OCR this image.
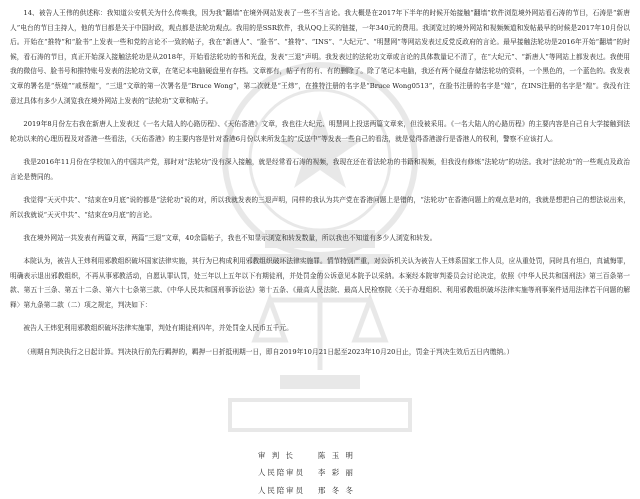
14、被告人王伟的供述称：我知道公安机关为什么传唤我，因为我“翻墙”在境外网站发表了一些不当言论。我大概是在2017年下半年的时候开始接触“翻墙”软件浏览境外网站看石涛的节目，石涛是“新唐人”电台的节目主持人，他的节目都是关于中国时政，观点都是法轮功观点。我用的是SSR软件，我从QQ上买的链接，一年340元的费用。我浏览过的境外网站和视频频道和发帖最早的时候是2017年10月份以后。开始在“推特”和“脸书”上发表一些和党的言论不一致的帖子，我在“新唐人”、“脸书”、“推特”、“INS”、“大纪元”、“明慧网”等网站发表过反党反政府的言论。最早接触法轮功是2016年开始“翻墙”的时候，看石涛的节目，真正开始深入接触法轮功是从2018年，开始看法轮功的书和光盘，发表“三退”声明。我发表过的法轮功文章或言论的具体数量记不清了，在“大纪元”、“新唐人”等网站上都发表过。我使用我的微信号、脸书号和推特账号发表的法轮功文章，在笔记本电脑硬盘里有存档。文章都有，帖子有的有、有的删除了。除了笔记本电脑，我还有两个硬盘存储法轮功的资料，一个黑色的，一个蓝色的。我发表文章的署名是“蔡煌”“戚蔡煌”，“三退”文章的第一次署名是“Bruce Wong”，第二次就是“王炜”，在推特注册的名字是“Bruce Wong0513”，在脸书注册的名字是“煌”，在INS注册的名字是“煌”。我没有注意过具体有多少人浏览我在境外网站上发表的“法轮功”文章和帖子。

2019年8月份左右我在新唐人上发表过《一名大陆人的心路历程》、《天佑香港》文章，我也往大纪元、明慧网上投送两篇文章来，但没被采用。《一名大陆人的心路历程》的主要内容是自己自大学接触到法轮功以来的心理历程及对香港一些看法，《天佑香港》的主要内容是针对香港6月份以来所发生的“反送中”等发表一些自己的看法，就是觉得香港游行是香港人的权利，警察不应该打人。

我是2016年11月份在学校加入的中国共产党，那时对“法轮功”没有深入接触，就是经常看石涛的视频，我现在还在看法轮功的书籍和视频，但我没有修炼“法轮功”的功法。我对“法轮功”的一些观点及政治言论是赞同的。

我觉得“天灭中共”、“结束在9月底”说的都是“法轮功”说的对，所以我就发表的三退声明，同样的我认为共产党在香港问题上是错的，“法轮功”在香港问题上的观点是对的，我就是想把自己的想法说出来，所以我就说“天灭中共”、“结束在9月底”的言论。

我在境外网站一共发表有两篇文章，两篇“三退”文章，40余篇帖子，我也不知显示浏览和转发数量，所以我也不知道有多少人浏览和转发。

本院认为，被告人王炜利用邪教组织破坏国家法律实施，其行为已构成利用邪教组织破坏法律实施罪。情节特别严重，对公诉机关认为被告人王炜系国家工作人员，应从重处罚，同时具有坦白，真诚悔罪，明确表示退出邪教组织，不再从事邪教活动，自愿认罪认罚，处三年以上五年以下有期徒刑，并处罚金的公诉意见本院予以采纳。本案经本院审判委员会讨论决定，依照《中华人民共和国刑法》第三百条第一款、第五十三条、第五十二条、第六十七条第三款、《中华人民共和国刑事诉讼法》第十五条、《最高人民法院、最高人民检察院〈关于办理组织、利用邪教组织破坏法律实施等刑事案件适用法律若干问题的解释〉第九条第二款（二）项之规定，判决如下：

被告人王炜犯利用邪教组织破坏法律实施罪，判处有期徒刑四年，并处罚金人民币五千元。

（刑期自判决执行之日起计算。判决执行前先行羁押的，羁押一日折抵刑期一日，即自2019年10月21日起至2023年10月20日止，罚金于判决生效后五日内缴纳。）

审 判 长	陈 玉 明
人民陪审员 李 彩 丽
人民陪审员 邢 冬 冬
